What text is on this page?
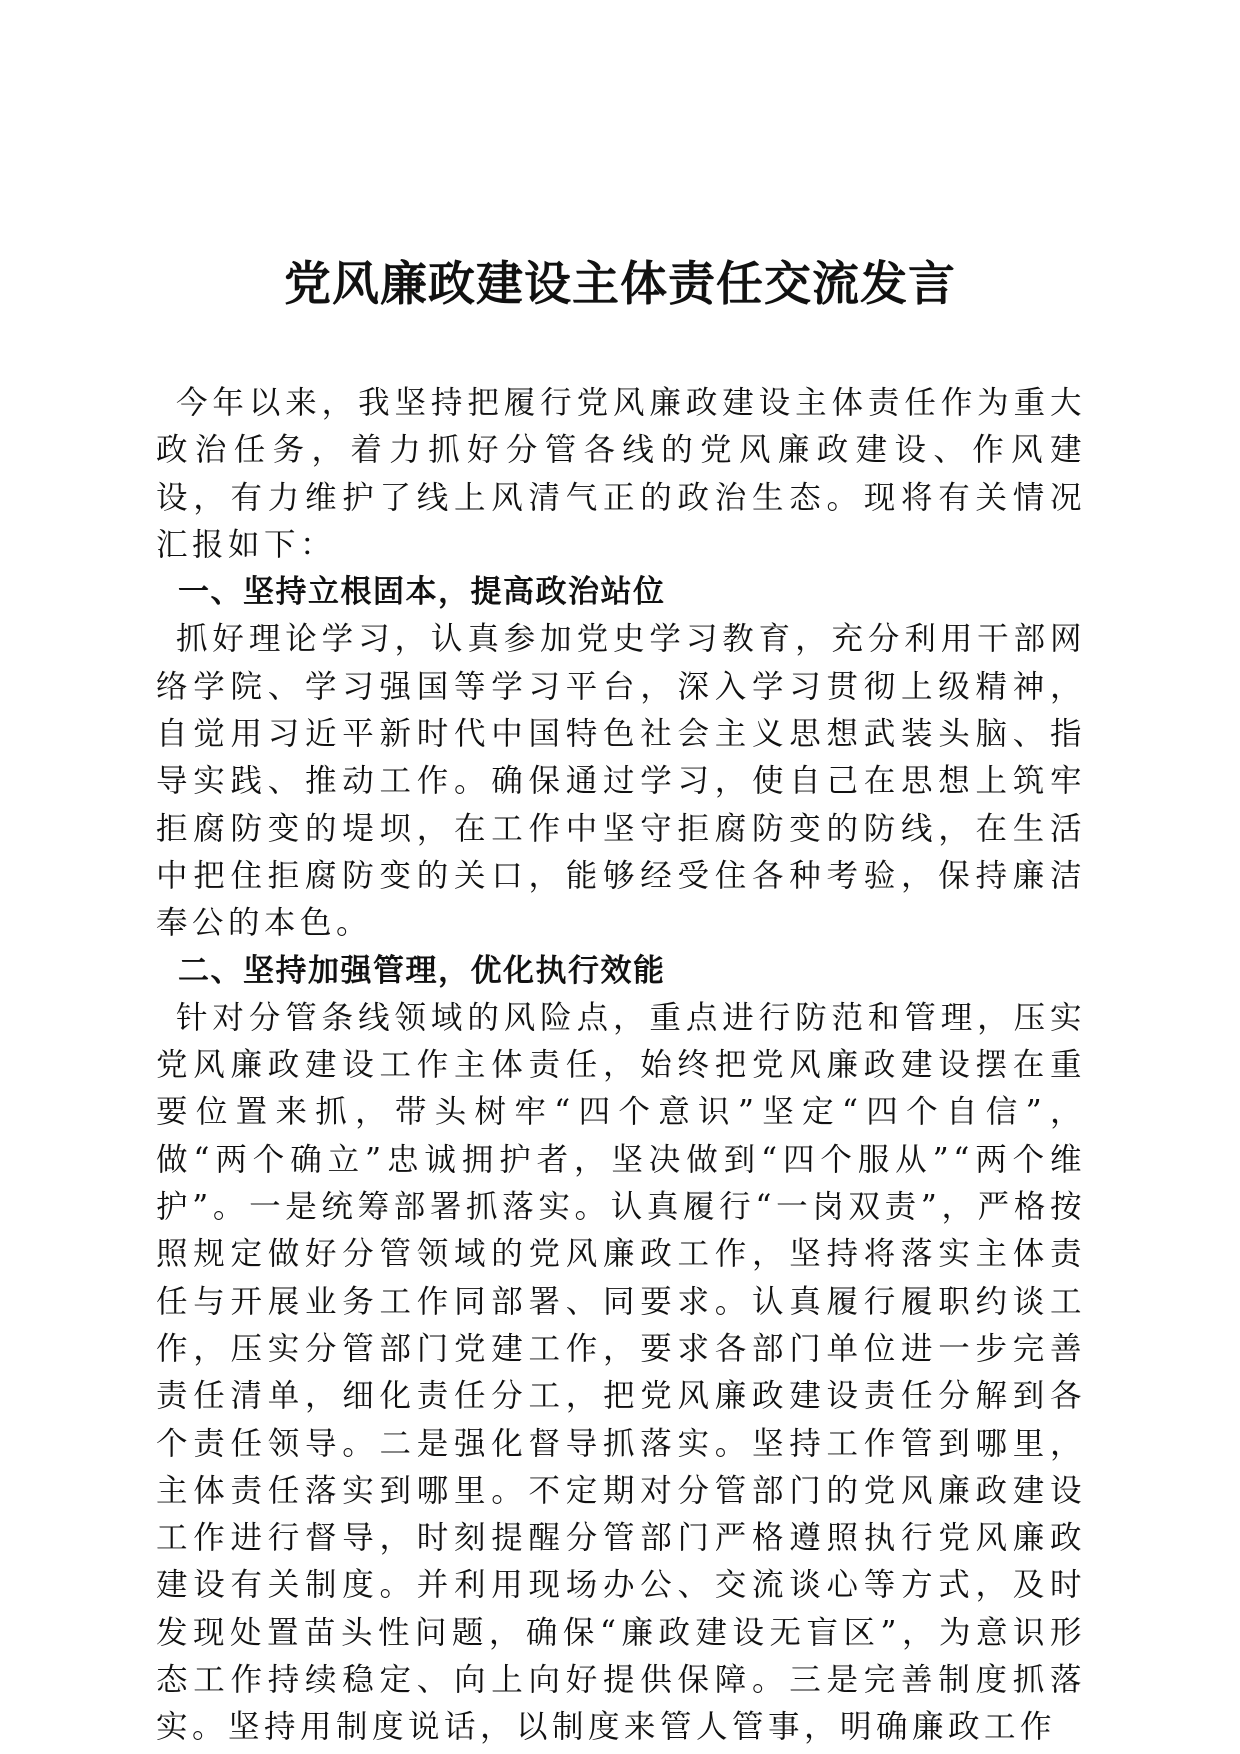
党风廉政建设主体责任交流发言

今年以来，我坚持把履行党风廉政建设主体责任作为重大政治任务，着力抓好分管各线的党风廉政建设、作风建设，有力维护了线上风清气正的政治生态。现将有关情况汇报如下：

一、坚持立根固本，提高政治站位

抓好理论学习，认真参加党史学习教育，充分利用干部网络学院、学习强国等学习平台，深入学习贯彻上级精神，自觉用习近平新时代中国特色社会主义思想武装头脑、指导实践、推动工作。确保通过学习，使自己在思想上筑牢拒腐防变的堤坝，在工作中坚守拒腐防变的防线，在生活中把住拒腐防变的关口，能够经受住各种考验，保持廉洁奉公的本色。

二、坚持加强管理，优化执行效能

针对分管条线领域的风险点，重点进行防范和管理，压实党风廉政建设工作主体责任，始终把党风廉政建设摆在重要位置来抓，带头树牢“四个意识”坚定“四个自信”，做“两个确立”忠诚拥护者，坚决做到“四个服从”“两个维护”。一是统筹部署抓落实。认真履行“一岗双责”，严格按照规定做好分管领域的党风廉政工作，坚持将落实主体责任与开展业务工作同部署、同要求。认真履行履职约谈工作，压实分管部门党建工作，要求各部门单位进一步完善责任清单，细化责任分工，把党风廉政建设责任分解到各个责任领导。二是强化督导抓落实。坚持工作管到哪里，主体责任落实到哪里。不定期对分管部门的党风廉政建设工作进行督导，时刻提醒分管部门严格遵照执行党风廉政建设有关制度。并利用现场办公、交流谈心等方式，及时发现处置苗头性问题，确保“廉政建设无盲区”，为意识形态工作持续稳定、向上向好提供保障。三是完善制度抓落实。坚持用制度说话，以制度来管人管事，明确廉政工作
